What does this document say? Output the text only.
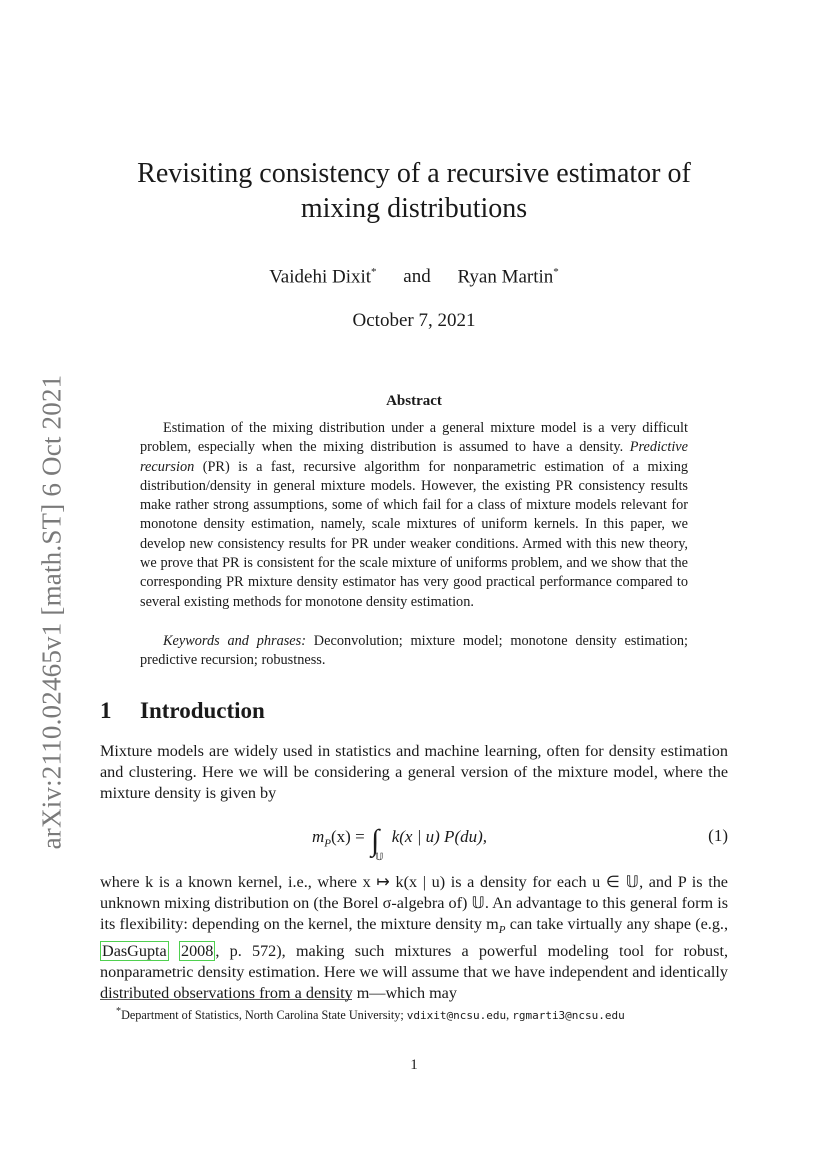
arXiv:2110.02465v1 [math.ST] 6 Oct 2021
Revisiting consistency of a recursive estimator of
mixing distributions
Vaidehi Dixit* and Ryan Martin*
October 7, 2021
Abstract

Estimation of the mixing distribution under a general mixture model is a very difficult problem, especially when the mixing distribution is assumed to have a density. Predictive recursion (PR) is a fast, recursive algorithm for nonparametric estimation of a mixing distribution/density in general mixture models. However, the existing PR consistency results make rather strong assumptions, some of which fail for a class of mixture models relevant for monotone density estimation, namely, scale mixtures of uniform kernels. In this paper, we develop new consistency results for PR under weaker conditions. Armed with this new theory, we prove that PR is consistent for the scale mixture of uniforms problem, and we show that the corresponding PR mixture density estimator has very good practical performance compared to several existing methods for monotone density estimation.

Keywords and phrases: Deconvolution; mixture model; monotone density estimation; predictive recursion; robustness.

1 Introduction

Mixture models are widely used in statistics and machine learning, often for density estimation and clustering. Here we will be considering a general version of the mixture model, where the mixture density is given by

$m_P(x) = \int_𝕌$ k(x | u) P(du),	(1)

where k is a known kernel, i.e., where x ↦ k(x | u) is a density for each u ∈ 𝕌, and P is the unknown mixing distribution on (the Borel σ-algebra of) 𝕌. An advantage to this general form is its flexibility: depending on the kernel, the mixture density $m_P$ can take virtually any shape (e.g., DasGupta 2008 , p. 572), making such mixtures a powerful modeling tool for robust, nonparametric density estimation. Here we will assume that we have independent and identically distributed observations from a density m—which may

*Department of Statistics, North Carolina State University; vdixit@ncsu.edu, rgmarti3@ncsu.edu
1
